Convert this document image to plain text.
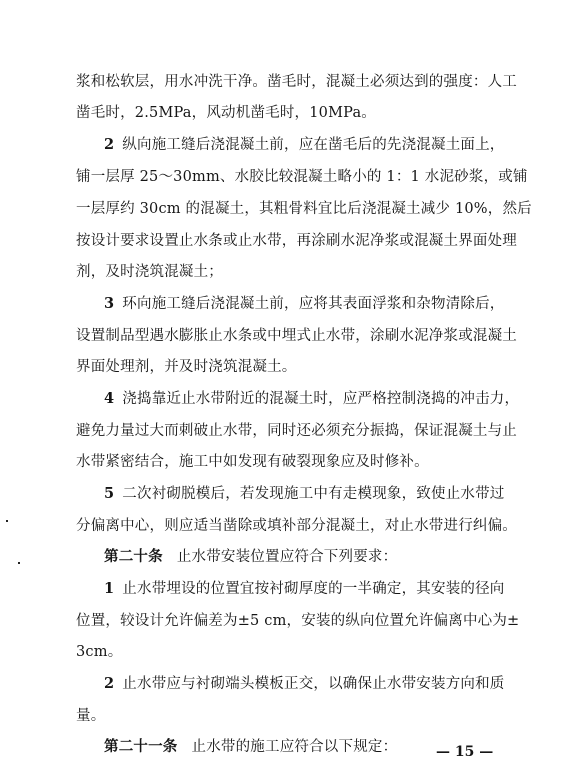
浆和松软层，用水冲洗干净。凿毛时，混凝土必须达到的强度：人工
凿毛时，2.5MPa，风动机凿毛时，10MPa。
2 纵向施工缝后浇混凝土前，应在凿毛后的先浇混凝土面上，
铺一层厚 25～30mm、水胶比较混凝土略小的 1：1 水泥砂浆，或铺
一层厚约 30cm 的混凝土，其粗骨料宜比后浇混凝土减少 10%，然后
按设计要求设置止水条或止水带，再涂刷水泥净浆或混凝土界面处理
剂，及时浇筑混凝土；
3 环向施工缝后浇混凝土前，应将其表面浮浆和杂物清除后，
设置制品型遇水膨胀止水条或中埋式止水带，涂刷水泥净浆或混凝土
界面处理剂，并及时浇筑混凝土。
4 浇捣靠近止水带附近的混凝土时，应严格控制浇捣的冲击力，
避免力量过大而刺破止水带，同时还必须充分振捣，保证混凝土与止
水带紧密结合，施工中如发现有破裂现象应及时修补。
5 二次衬砌脱模后，若发现施工中有走模现象，致使止水带过
分偏离中心，则应适当凿除或填补部分混凝土，对止水带进行纠偏。
第二十条 止水带安装位置应符合下列要求：
1 止水带埋设的位置宜按衬砌厚度的一半确定，其安装的径向
位置，较设计允许偏差为±5 cm，安装的纵向位置允许偏离中心为±
3cm。
2 止水带应与衬砌端头模板正交，以确保止水带安装方向和质
量。
第二十一条 止水带的施工应符合以下规定：	— 15 —
